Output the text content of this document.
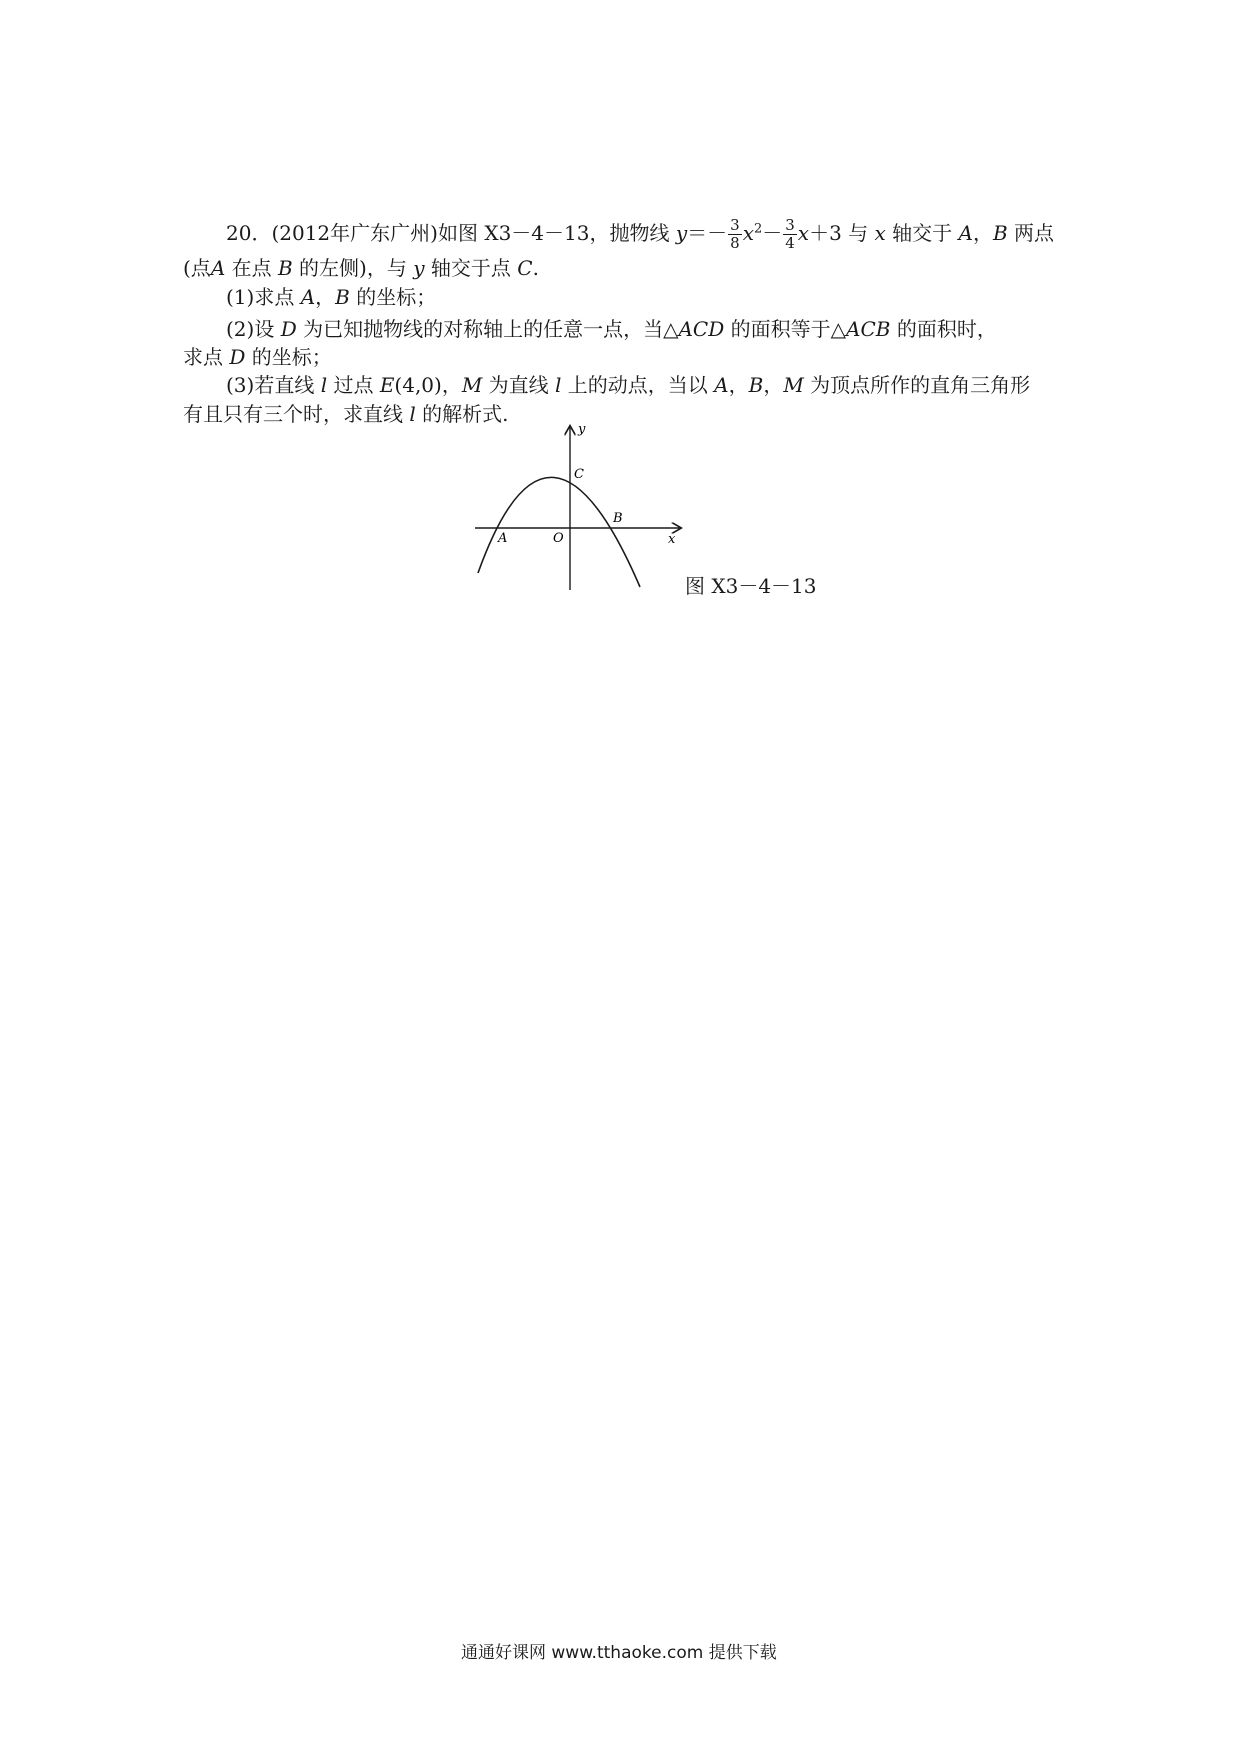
20．(2012年广东广州)如图 X3－4－13，抛物线 $y=- \frac{3}{8} x^2- \frac{3}{4} x+3$ 与 x 轴交于 A，B 两点
(点A 在点 B 的左侧)，与 y 轴交于点 C.
(1)求点 A，B 的坐标；
(2)设 D 为已知抛物线的对称轴上的任意一点，当△ACD 的面积等于△ACB 的面积时，
求点 D 的坐标；
(3)若直线 l 过点 E(4,0)，M 为直线 l 上的动点，当以 A，B，M 为顶点所作的直角三角形
有且只有三个时，求直线 l 的解析式.
y
x
A	O
B
C
图 X3－4－13
通通好课网 www.tthaoke.com 提供下载
